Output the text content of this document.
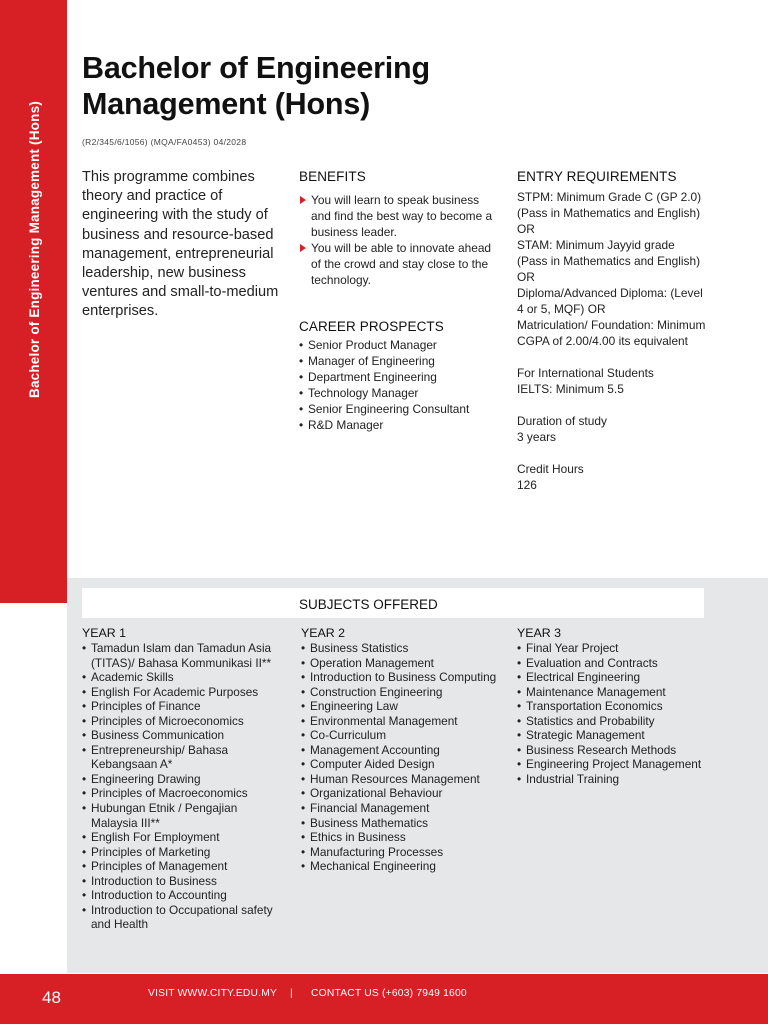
Bachelor of Engineering Management (Hons)
Bachelor of Engineering
Management (Hons)
(R2/345/6/1056) (MQA/FA0453) 04/2028
This programme combines theory and practice of engineering with the study of business and resource-based management, entrepreneurial leadership, new business ventures and small-to-medium enterprises.
BENEFITS
You will learn to speak business and find the best way to become a business leader.
You will be able to innovate ahead of the crowd and stay close to the technology.
CAREER PROSPECTS
• Senior Product Manager
• Manager of Engineering
• Department Engineering
• Technology Manager
• Senior Engineering Consultant
• R&D Manager
ENTRY REQUIREMENTS

STPM: Minimum Grade C (GP 2.0) (Pass in Mathematics and English) OR

STAM: Minimum Jayyid grade (Pass in Mathematics and English) OR

Diploma/Advanced Diploma: (Level 4 or 5, MQF) OR

Matriculation/ Foundation: Minimum CGPA of 2.00/4.00 its equivalent

For International Students

IELTS: Minimum 5.5

Duration of study

3 years

Credit Hours

126

SUBJECTS OFFERED
YEAR 1
• Tamadun Islam dan Tamadun Asia (TITAS)/ Bahasa Kommunikasi II**
• Academic Skills
• English For Academic Purposes
• Principles of Finance
• Principles of Microeconomics
• Business Communication
• Entrepreneurship/ Bahasa Kebangsaan A*
• Engineering Drawing
• Principles of Macroeconomics
• Hubungan Etnik / Pengajian Malaysia III**
• English For Employment
• Principles of Marketing
• Principles of Management
• Introduction to Business
• Introduction to Accounting
• Introduction to Occupational safety and Health
YEAR 2
• Business Statistics
• Operation Management
• Introduction to Business Computing
• Construction Engineering
• Engineering Law
• Environmental Management
• Co-Curriculum
• Management Accounting
• Computer Aided Design
• Human Resources Management
• Organizational Behaviour
• Financial Management
• Business Mathematics
• Ethics in Business
• Manufacturing Processes
• Mechanical Engineering
YEAR 3
• Final Year Project
• Evaluation and Contracts
• Electrical Engineering
• Maintenance Management
• Transportation Economics
• Statistics and Probability
• Strategic Management
• Business Research Methods
• Engineering Project Management
• Industrial Training
48	VISIT WWW.CITY.EDU.MY | CONTACT US (+603) 7949 1600
